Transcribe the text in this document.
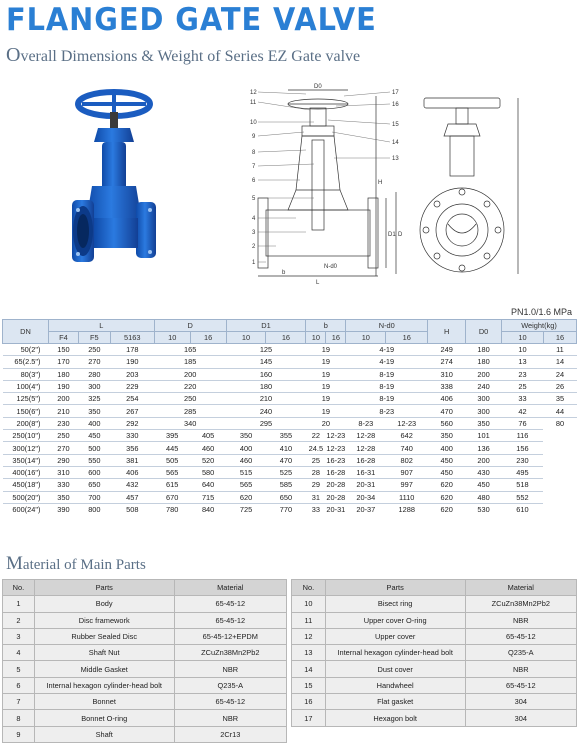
FLANGED GATE VALVE
Overall Dimensions & Weight of Series EZ Gate valve
12
11
10
9
8
7
6
5
4
3
2
1
17
16
15
14
13
D0
H
D1 D
L
b
N-d0
PN1.0/1.6 MPa
DN	L			D		D1		b		N-d0		H	D0	Weight(kg)	
	F4	F5	5163	10	16	10	16	10	16	10	16			10	16
50(2")	150	250	178	165		125		19		4-19		249	180	10	11
65(2.5")	170	270	190	185		145		19		4-19		274	180	13	14
80(3")	180	280	203	200		160		19		8-19		310	200	23	24
100(4")	190	300	229	220		180		19		8-19		338	240	25	26
125(5")	200	325	254	250		210		19		8-19		406	300	33	35
150(6")	210	350	267	285		240		19		8-23		470	300	42	44
200(8")	230	400	292	340		295		20		8-23	12-23	560	350	76	80
250(10")	250	450	330	395	405	350	355	22	12-23	12-28	642	350	101	116	
300(12")	270	500	356	445	460	400	410	24.5	12-23	12-28	740	400	136	156	
350(14")	290	550	381	505	520	460	470	25	16-23	16-28	802	450	200	230	
400(16")	310	600	406	565	580	515	525	28	16-28	16-31	907	450	430	495	
450(18")	330	650	432	615	640	565	585	29	20-28	20-31	997	620	450	518	
500(20")	350	700	457	670	715	620	650	31	20-28	20-34	1110	620	480	552	
600(24")	390	800	508	780	840	725	770	33	20-31	20-37	1288	620	530	610	
Material of Main Parts
No.	Parts	Material
1	Body	65-45-12
2	Disc framework	65-45-12
3	Rubber Sealed Disc	65-45-12+EPDM
4	Shaft Nut	ZCuZn38Mn2Pb2
5	Middle Gasket	NBR
6	Internal hexagon cylinder-head bolt	Q235-A
7	Bonnet	65-45-12
8	Bonnet O-ring	NBR
9	Shaft	2Cr13
No.	Parts	Material
10	Bisect ring	ZCuZn38Mn2Pb2
11	Upper cover O-ring	NBR
12	Upper cover	65-45-12
13	Internal hexagon cylinder-head bolt	Q235-A
14	Dust cover	NBR
15	Handwheel	65-45-12
16	Flat gasket	304
17	Hexagon bolt	304
